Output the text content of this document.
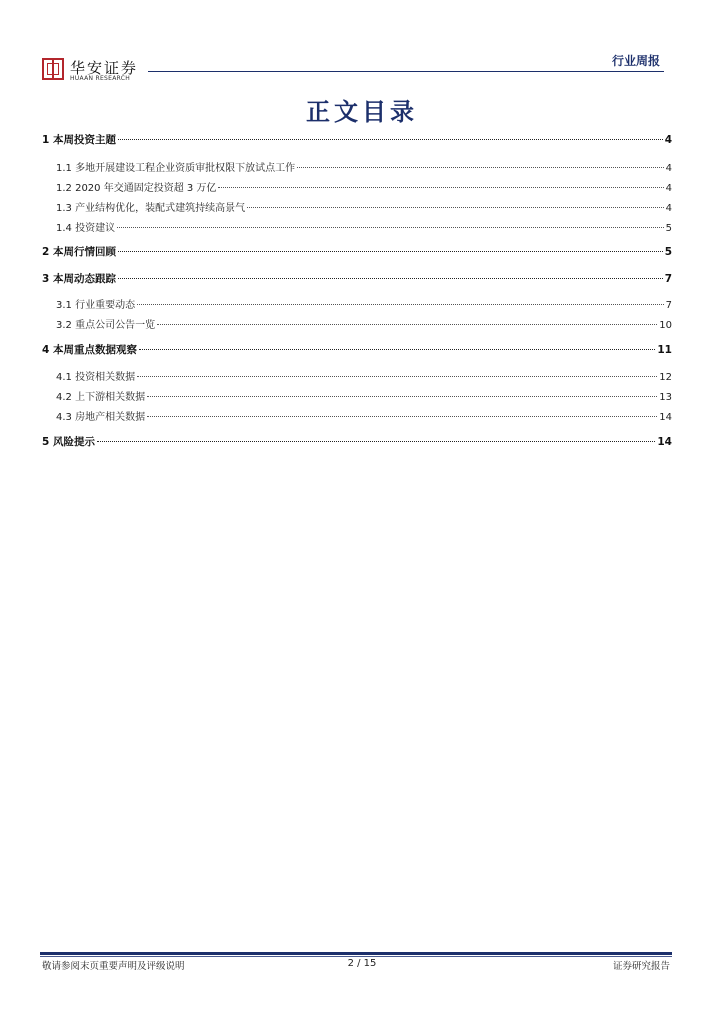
华安证券
HUAAN RESEARCH
行业周报
正文目录
1 本周投资主题	4
1.1 多地开展建设工程企业资质审批权限下放试点工作	4
1.2 2020 年交通固定投资超 3 万亿	4
1.3 产业结构优化，装配式建筑持续高景气	4
1.4 投资建议	5
2 本周行情回顾	5
3 本周动态跟踪	7
3.1 行业重要动态	7
3.2 重点公司公告一览	10
4 本周重点数据观察	11
4.1 投资相关数据	12
4.2 上下游相关数据	13
4.3 房地产相关数据	14
5 风险提示	14
敬请参阅末页重要声明及评级说明	2 / 15	证券研究报告
